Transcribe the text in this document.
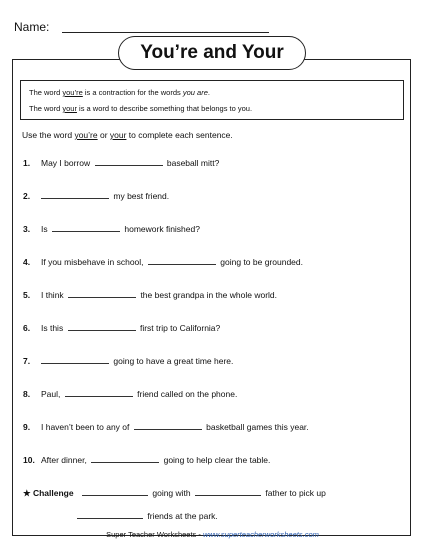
Name:
You’re and Your
The word you’re is a contraction for the words you are.
The word your is a word to describe something that belongs to you.
Use the word you’re or your to complete each sentence.
1. May I borrow	baseball mitt?
2.	my best friend.
3. Is	homework finished?
4. If you misbehave in school,	going to be grounded.
5. I think	the best grandpa in the whole world.
6. Is this	first trip to California?
7.	going to have a great time here.
8. Paul,	friend called on the phone.
9. I haven’t been to any of	basketball games this year.
10. After dinner,	going to help clear the table.
★ Challenge	going with	father to pick up
friends at the park.
Super Teacher Worksheets - www.superteacherworksheets.com
